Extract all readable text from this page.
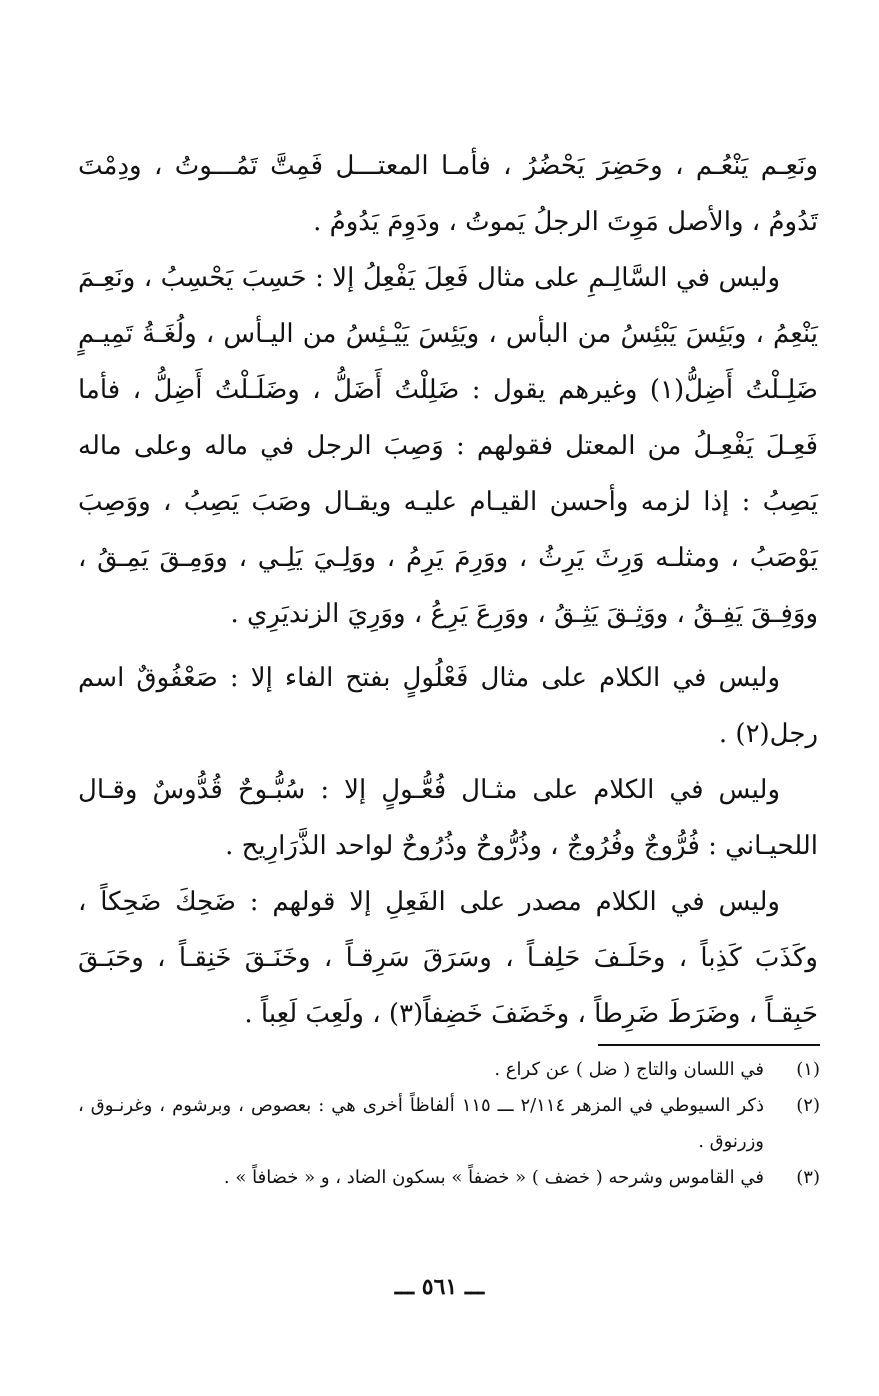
ونَعِـم يَنْعُـم ، وحَضِرَ يَحْضُرُ ، فأمـا المعتـــل فَمِتَّ تَمُـــوتُ ، ودِمْتَ تَدُومُ ، والأصل مَوِتَ الرجلُ يَموتُ ، ودَوِمَ يَدُومُ .

وليس في السَّالِـمِ على مثال فَعِلَ يَفْعِلُ إلا : حَسِبَ يَحْسِبُ ، ونَعِـمَ يَنْعِمُ ، وبَئِسَ يَبْئِسُ من البأس ، ويَئِسَ يَيْـئِسُ من اليـأس ، ولُغَـةُ تَمِيـمٍ ضَلِـلْتُ أَضِلُّ(١) وغيرهم يقول : ضَلِلْتُ أَضَلُّ ، وضَلَـلْتُ أَضِلُّ ، فأما فَعِـلَ يَفْعِـلُ من المعتل فقولهم : وَصِبَ الرجل في ماله وعلى ماله يَصِبُ : إذا لزمه وأحسن القيـام عليـه ويقـال وصَبَ يَصِبُ ، ووَصِبَ يَوْصَبُ ، ومثلـه وَرِثَ يَرِثُ ، ووَرِمَ يَرِمُ ، ووَلِـيَ يَلِـي ، ووَمِـقَ يَمِـقُ ، ووَفِـقَ يَفِـقُ ، ووَثِـقَ يَثِـقُ ، ووَرِعَ يَرِعُ ، ووَرِيَ الزنديَرِي .

وليس في الكلام على مثال فَعْلُولٍ بفتح الفاء إلا : صَعْفُوقٌ اسم رجل(٢) .

وليس في الكلام على مثـال فُعُّـولٍ إلا : سُبُّـوحٌ قُدُّوسٌ وقـال اللحيـاني : فُرُّوجٌ وفُرُوجٌ ، وذُرُّوحٌ وذُرُوحٌ لواحد الذَّرَارِيح .

وليس في الكلام مصدر على الفَعِلِ إلا قولهم : ضَحِكَ ضَحِكاً ، وكَذَبَ كَذِباً ، وحَلَـفَ حَلِفـاً ، وسَرَقَ سَرِقـاً ، وخَنَـقَ خَنِقـاً ، وحَبَـقَ حَبِقـاً ، وضَرَطَ ضَرِطاً ، وخَضَفَ خَضِفاً(٣) ، ولَعِبَ لَعِباً .

(١)
في اللسان والتاج ( ضل ) عن كراع .
(٢)
ذكر السيوطي في المزهر ٢/١١٤ ـــ ١١٥ ألفاظاً أخرى هي : بعصوص ، وبرشوم ، وغرنـوق ، وزرنوق .
(٣)
في القاموس وشرحه ( خضف ) « خضفاً » بسكون الضاد ، و « خضافاً » .
ـــ ٥٦١ ـــ
